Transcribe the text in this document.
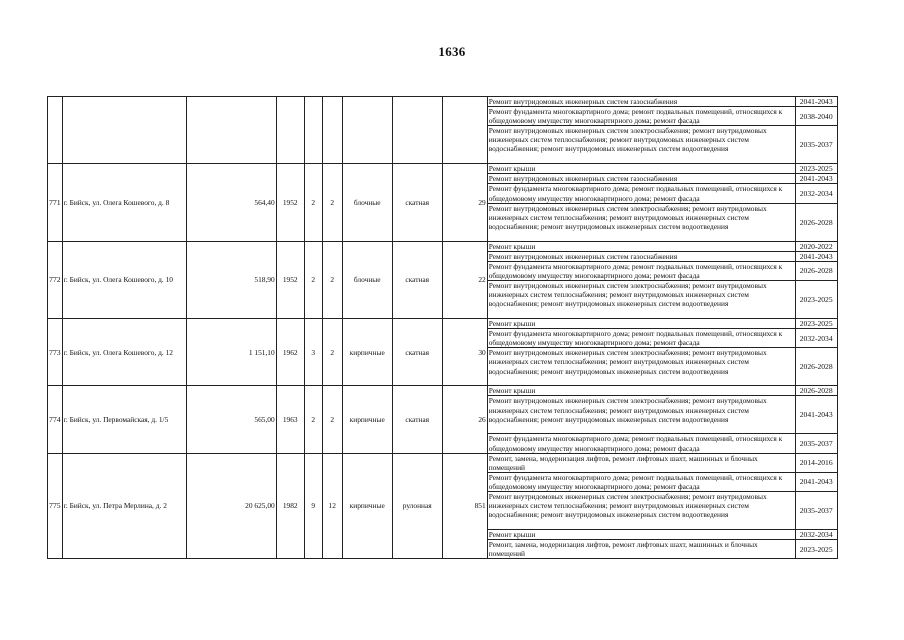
1636
									Ремонт внутридомовых инженерных систем газоснабжения	2041-2043
									Ремонт фундамента многоквартирного дома; ремонт подвальных помещений, относящихся к общедомовому имуществу многоквартирного дома; ремонт фасада	2038-2040
									Ремонт внутридомовых инженерных систем электроснабжения; ремонт внутридомовых инженерных систем теплоснабжения; ремонт внутридомовых инженерных систем водоснабжения; ремонт внутридомовых инженерных систем водоотведения	2035-2037
771	г. Бийск, ул. Олега Кошевого, д. 8	564,40	1952	2	2	блочные	скатная	29	Ремонт крыши	2023-2025
									Ремонт внутридомовых инженерных систем газоснабжения	2041-2043
									Ремонт фундамента многоквартирного дома; ремонт подвальных помещений, относящихся к общедомовому имуществу многоквартирного дома; ремонт фасада	2032-2034
									Ремонт внутридомовых инженерных систем электроснабжения; ремонт внутридомовых инженерных систем теплоснабжения; ремонт внутридомовых инженерных систем водоснабжения; ремонт внутридомовых инженерных систем водоотведения	2026-2028
772	г. Бийск, ул. Олега Кошевого, д. 10	518,90	1952	2	2	блочные	скатная	22	Ремонт крыши	2020-2022
									Ремонт внутридомовых инженерных систем газоснабжения	2041-2043
									Ремонт фундамента многоквартирного дома; ремонт подвальных помещений, относящихся к общедомовому имуществу многоквартирного дома; ремонт фасада	2026-2028
									Ремонт внутридомовых инженерных систем электроснабжения; ремонт внутридомовых инженерных систем теплоснабжения; ремонт внутридомовых инженерных систем водоснабжения; ремонт внутридомовых инженерных систем водоотведения	2023-2025
773	г. Бийск, ул. Олега Кошевого, д. 12	1 151,10	1962	3	2	кирпичные	скатная	30	Ремонт крыши	2023-2025
									Ремонт фундамента многоквартирного дома; ремонт подвальных помещений, относящихся к общедомовому имуществу многоквартирного дома; ремонт фасада	2032-2034
									Ремонт внутридомовых инженерных систем электроснабжения; ремонт внутридомовых инженерных систем теплоснабжения; ремонт внутридомовых инженерных систем водоснабжения; ремонт внутридомовых инженерных систем водоотведения	2026-2028
774	г. Бийск, ул. Первомайская, д. 1/5	565,00	1963	2	2	кирпичные	скатная	26	Ремонт крыши	2026-2028
									Ремонт внутридомовых инженерных систем электроснабжения; ремонт внутридомовых инженерных систем теплоснабжения; ремонт внутридомовых инженерных систем водоснабжения; ремонт внутридомовых инженерных систем водоотведения	2041-2043
									Ремонт фундамента многоквартирного дома; ремонт подвальных помещений, относящихся к общедомовому имуществу многоквартирного дома; ремонт фасада	2035-2037
775	г. Бийск, ул. Петра Мерлина, д. 2	20 625,00	1982	9	12	кирпичные	рулонная	851	Ремонт, замена, модернизация лифтов, ремонт лифтовых шахт, машинных и блочных помещений	2014-2016
									Ремонт фундамента многоквартирного дома; ремонт подвальных помещений, относящихся к общедомовому имуществу многоквартирного дома; ремонт фасада	2041-2043
									Ремонт внутридомовых инженерных систем электроснабжения; ремонт внутридомовых инженерных систем теплоснабжения; ремонт внутридомовых инженерных систем водоснабжения; ремонт внутридомовых инженерных систем водоотведения	2035-2037
									Ремонт крыши	2032-2034
									Ремонт, замена, модернизация лифтов, ремонт лифтовых шахт, машинных и блочных помещений	2023-2025
